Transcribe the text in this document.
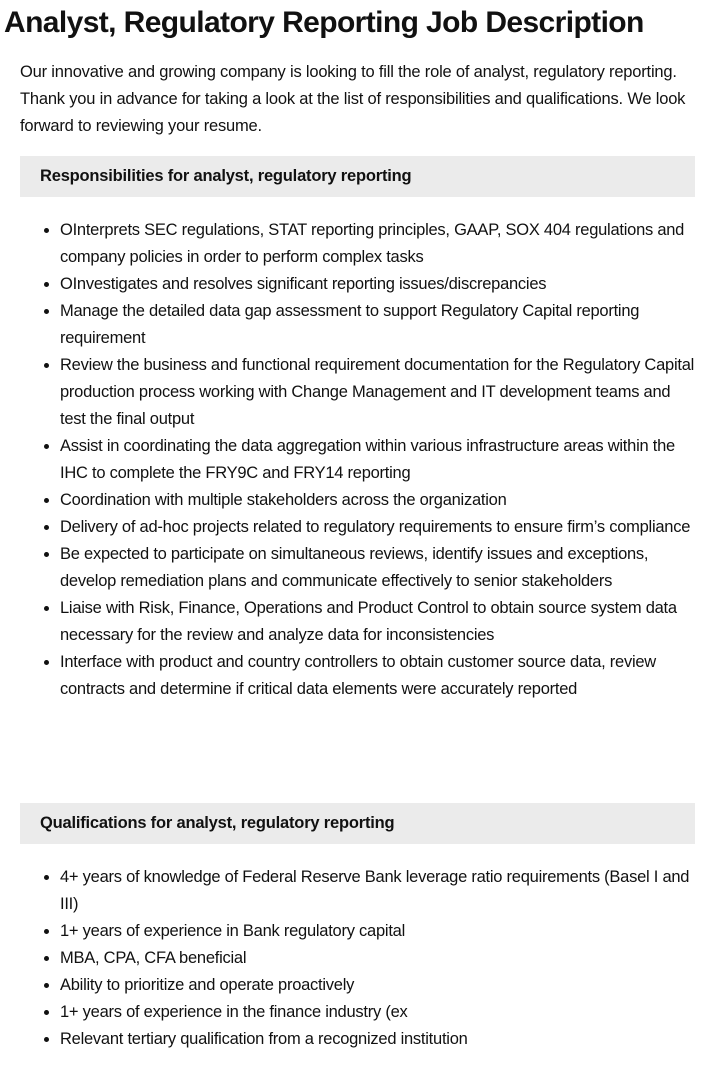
Analyst, Regulatory Reporting Job Description

Our innovative and growing company is looking to fill the role of analyst, regulatory reporting. Thank you in advance for taking a look at the list of responsibilities and qualifications. We look forward to reviewing your resume.

Responsibilities for analyst, regulatory reporting
• OInterprets SEC regulations, STAT reporting principles, GAAP, SOX 404 regulations and company policies in order to perform complex tasks
• OInvestigates and resolves significant reporting issues/discrepancies
• Manage the detailed data gap assessment to support Regulatory Capital reporting requirement
• Review the business and functional requirement documentation for the Regulatory Capital production process working with Change Management and IT development teams and test the final output
• Assist in coordinating the data aggregation within various infrastructure areas within the IHC to complete the FRY9C and FRY14 reporting
• Coordination with multiple stakeholders across the organization
• Delivery of ad-hoc projects related to regulatory requirements to ensure firm’s compliance
• Be expected to participate on simultaneous reviews, identify issues and exceptions, develop remediation plans and communicate effectively to senior stakeholders
• Liaise with Risk, Finance, Operations and Product Control to obtain source system data necessary for the review and analyze data for inconsistencies
• Interface with product and country controllers to obtain customer source data, review contracts and determine if critical data elements were accurately reported
Qualifications for analyst, regulatory reporting
• 4+ years of knowledge of Federal Reserve Bank leverage ratio requirements (Basel I and III)
• 1+ years of experience in Bank regulatory capital
• MBA, CPA, CFA beneficial
• Ability to prioritize and operate proactively
• 1+ years of experience in the finance industry (ex
• Relevant tertiary qualification from a recognized institution
